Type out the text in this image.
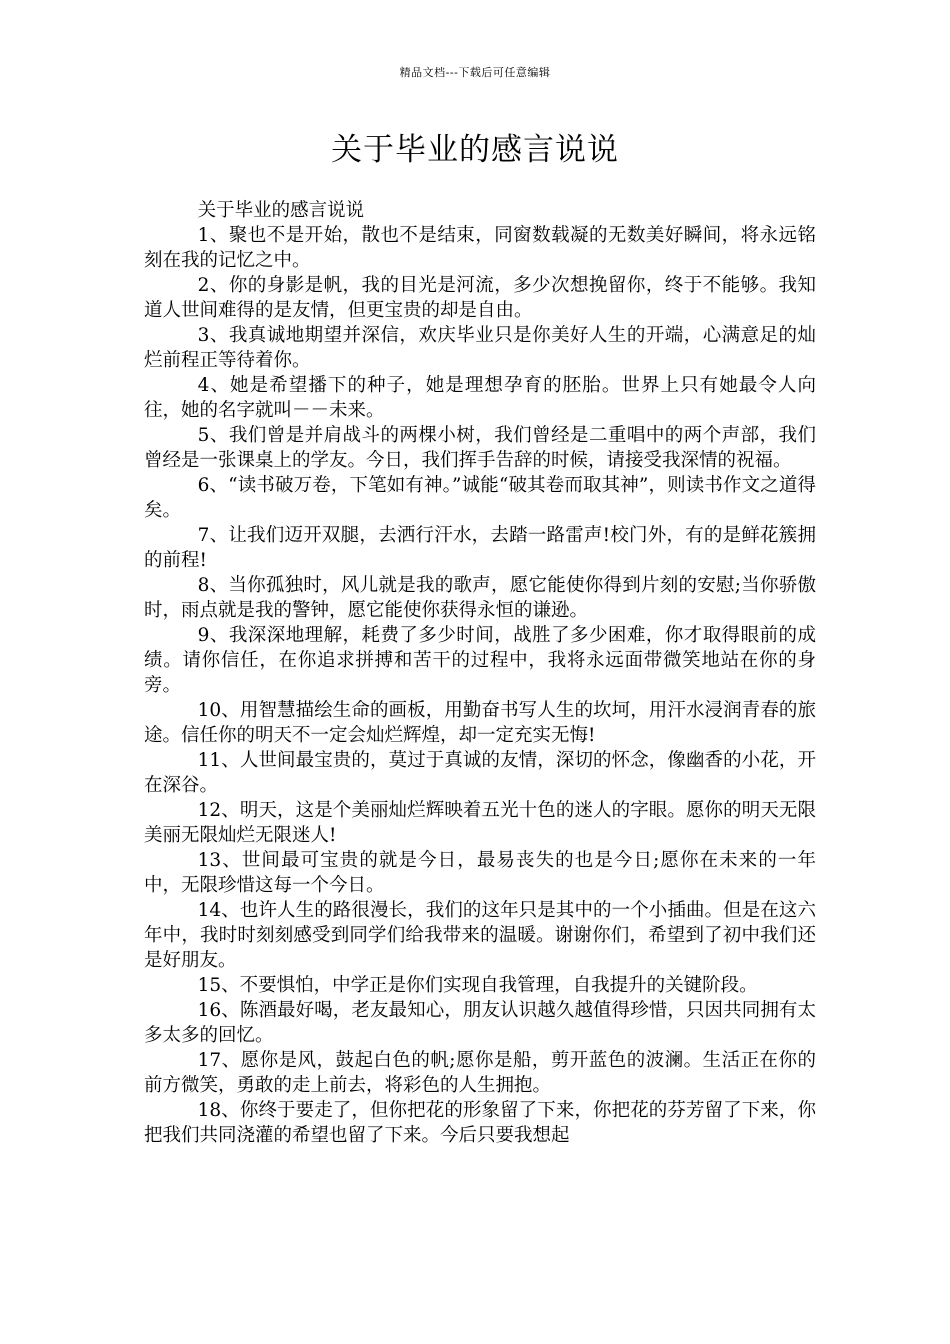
精品文档---下载后可任意编辑
关于毕业的感言说说

关于毕业的感言说说

1、聚也不是开始，散也不是结束，同窗数载凝的无数美好瞬间，将永远铭刻在我的记忆之中。

2、你的身影是帆，我的目光是河流，多少次想挽留你，终于不能够。我知道人世间难得的是友情，但更宝贵的却是自由。

3、我真诚地期望并深信，欢庆毕业只是你美好人生的开端，心满意足的灿烂前程正等待着你。

4、她是希望播下的种子，她是理想孕育的胚胎。世界上只有她最令人向往，她的名字就叫－－未来。

5、我们曾是并肩战斗的两棵小树，我们曾经是二重唱中的两个声部，我们曾经是一张课桌上的学友。今日，我们挥手告辞的时候，请接受我深情的祝福。

6、“读书破万卷，下笔如有神。”诚能“破其卷而取其神”，则读书作文之道得矣。

7、让我们迈开双腿，去洒行汗水，去踏一路雷声!校门外，有的是鲜花簇拥的前程!

8、当你孤独时，风儿就是我的歌声，愿它能使你得到片刻的安慰;当你骄傲时，雨点就是我的警钟，愿它能使你获得永恒的谦逊。

9、我深深地理解，耗费了多少时间，战胜了多少困难，你才取得眼前的成绩。请你信任，在你追求拼搏和苦干的过程中，我将永远面带微笑地站在你的身旁。

10、用智慧描绘生命的画板，用勤奋书写人生的坎坷，用汗水浸润青春的旅途。信任你的明天不一定会灿烂辉煌，却一定充实无悔!

11、人世间最宝贵的，莫过于真诚的友情，深切的怀念，像幽香的小花，开在深谷。

12、明天，这是个美丽灿烂辉映着五光十色的迷人的字眼。愿你的明天无限美丽无限灿烂无限迷人!

13、世间最可宝贵的就是今日，最易丧失的也是今日;愿你在未来的一年中，无限珍惜这每一个今日。

14、也许人生的路很漫长，我们的这年只是其中的一个小插曲。但是在这六年中，我时时刻刻感受到同学们给我带来的温暖。谢谢你们，希望到了初中我们还是好朋友。

15、不要惧怕，中学正是你们实现自我管理，自我提升的关键阶段。

16、陈酒最好喝，老友最知心，朋友认识越久越值得珍惜，只因共同拥有太多太多的回忆。

17、愿你是风，鼓起白色的帆;愿你是船，剪开蓝色的波澜。生活正在你的前方微笑，勇敢的走上前去，将彩色的人生拥抱。

18、你终于要走了，但你把花的形象留了下来，你把花的芬芳留了下来，你把我们共同浇灌的希望也留了下来。今后只要我想起
